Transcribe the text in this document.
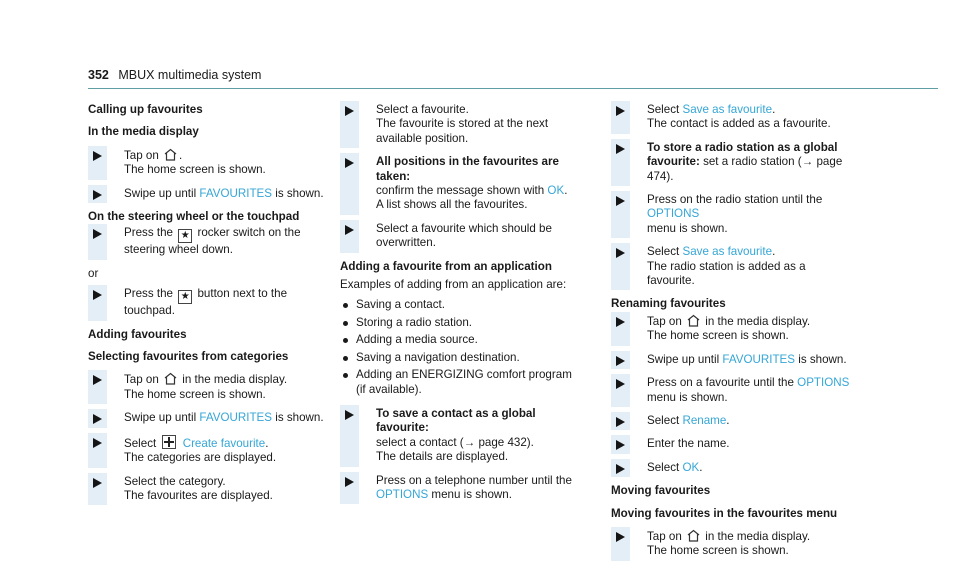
352 MBUX multimedia system
Calling up favourites
In the media display
Tap on .
The home screen is shown.
Swipe up until FAVOURITES is shown.
On the steering wheel or the touchpad
Press the ★ rocker switch on the steering wheel down.
or
Press the ★ button next to the touchpad.
Adding favourites
Selecting favourites from categories
Tap on in the media display.
The home screen is shown.
Swipe up until FAVOURITES is shown.
Select Create favourite.
The categories are displayed.
Select the category.
The favourites are displayed.
Select a favourite.
The favourite is stored at the next available position.
All positions in the favourites are taken:
confirm the message shown with OK.
A list shows all the favourites.
Select a favourite which should be overwritten.
Adding a favourite from an application
Examples of adding from an application are:
Saving a contact.
Storing a radio station.
Adding a media source.
Saving a navigation destination.
Adding an ENERGIZING comfort program (if available).
To save a contact as a global favourite:
select a contact (→ page 432).
The details are displayed.
Press on a telephone number until the
OPTIONS menu is shown.
Select Save as favourite.
The contact is added as a favourite.
To store a radio station as a global favourite: set a radio station (→ page 474).
Press on the radio station until the OPTIONS
menu is shown.
Select Save as favourite.
The radio station is added as a favourite.
Renaming favourites
Tap on in the media display.
The home screen is shown.
Swipe up until FAVOURITES is shown.
Press on a favourite until the OPTIONS menu is shown.
Select Rename.
Enter the name.
Select OK.
Moving favourites
Moving favourites in the favourites menu
Tap on in the media display.
The home screen is shown.
